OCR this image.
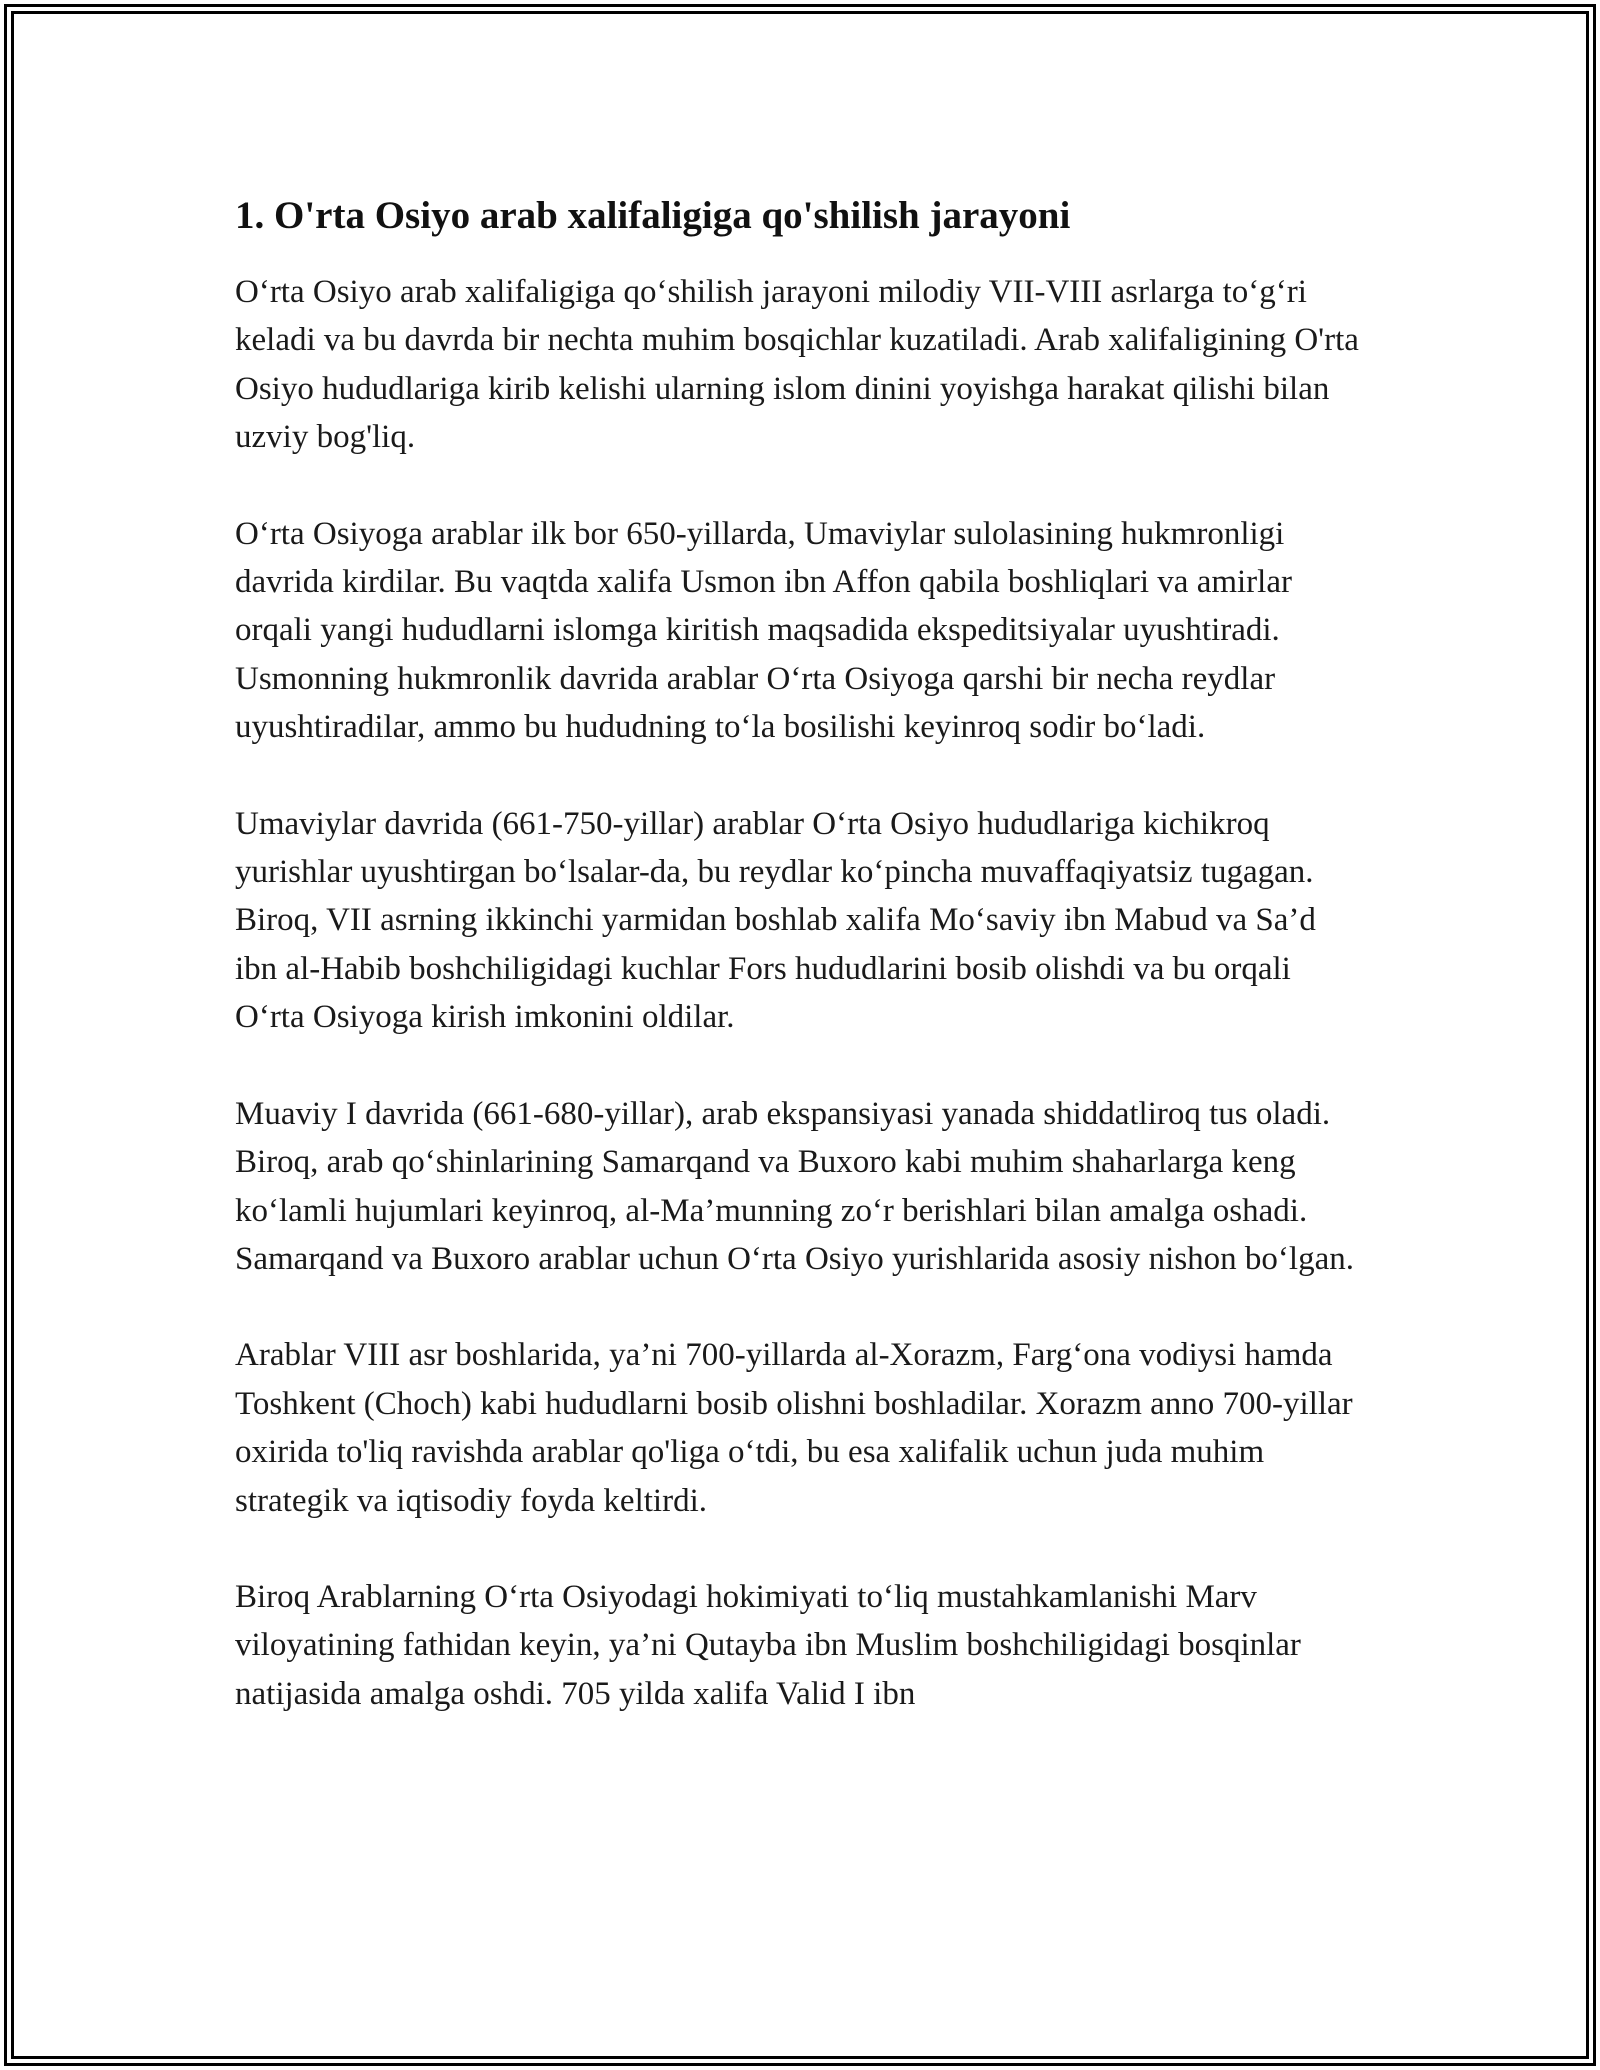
1. O'rta Osiyo arab xalifaligiga qo'shilish jarayoni

O‘rta Osiyo arab xalifaligiga qo‘shilish jarayoni milodiy VII-VIII asrlarga to‘g‘ri keladi va bu davrda bir nechta muhim bosqichlar kuzatiladi. Arab xalifaligining O'rta Osiyo hududlariga kirib kelishi ularning islom dinini yoyishga harakat qilishi bilan uzviy bog'liq.

O‘rta Osiyoga arablar ilk bor 650-yillarda, Umaviylar sulolasining hukmronligi davrida kirdilar. Bu vaqtda xalifa Usmon ibn Affon qabila boshliqlari va amirlar orqali yangi hududlarni islomga kiritish maqsadida ekspeditsiyalar uyushtiradi. Usmonning hukmronlik davrida arablar O‘rta Osiyoga qarshi bir necha reydlar uyushtiradilar, ammo bu hududning to‘la bosilishi keyinroq sodir bo‘ladi.

Umaviylar davrida (661-750-yillar) arablar O‘rta Osiyo hududlariga kichikroq yurishlar uyushtirgan bo‘lsalar-da, bu reydlar ko‘pincha muvaffaqiyatsiz tugagan. Biroq, VII asrning ikkinchi yarmidan boshlab xalifa Mo‘saviy ibn Mabud va Sa’d ibn al-Habib boshchiligidagi kuchlar Fors hududlarini bosib olishdi va bu orqali O‘rta Osiyoga kirish imkonini oldilar.

Muaviy I davrida (661-680-yillar), arab ekspansiyasi yanada shiddatliroq tus oladi. Biroq, arab qo‘shinlarining Samarqand va Buxoro kabi muhim shaharlarga keng ko‘lamli hujumlari keyinroq, al-Ma’munning zo‘r berishlari bilan amalga oshadi. Samarqand va Buxoro arablar uchun O‘rta Osiyo yurishlarida asosiy nishon bo‘lgan.

Arablar VIII asr boshlarida, ya’ni 700-yillarda al-Xorazm, Farg‘ona vodiysi hamda Toshkent (Choch) kabi hududlarni bosib olishni boshladilar. Xorazm anno 700-yillar oxirida to'liq ravishda arablar qo'liga o‘tdi, bu esa xalifalik uchun juda muhim strategik va iqtisodiy foyda keltirdi.

Biroq Arablarning O‘rta Osiyodagi hokimiyati to‘liq mustahkamlanishi Marv viloyatining fathidan keyin, ya’ni Qutayba ibn Muslim boshchiligidagi bosqinlar natijasida amalga oshdi. 705 yilda xalifa Valid I ibn
